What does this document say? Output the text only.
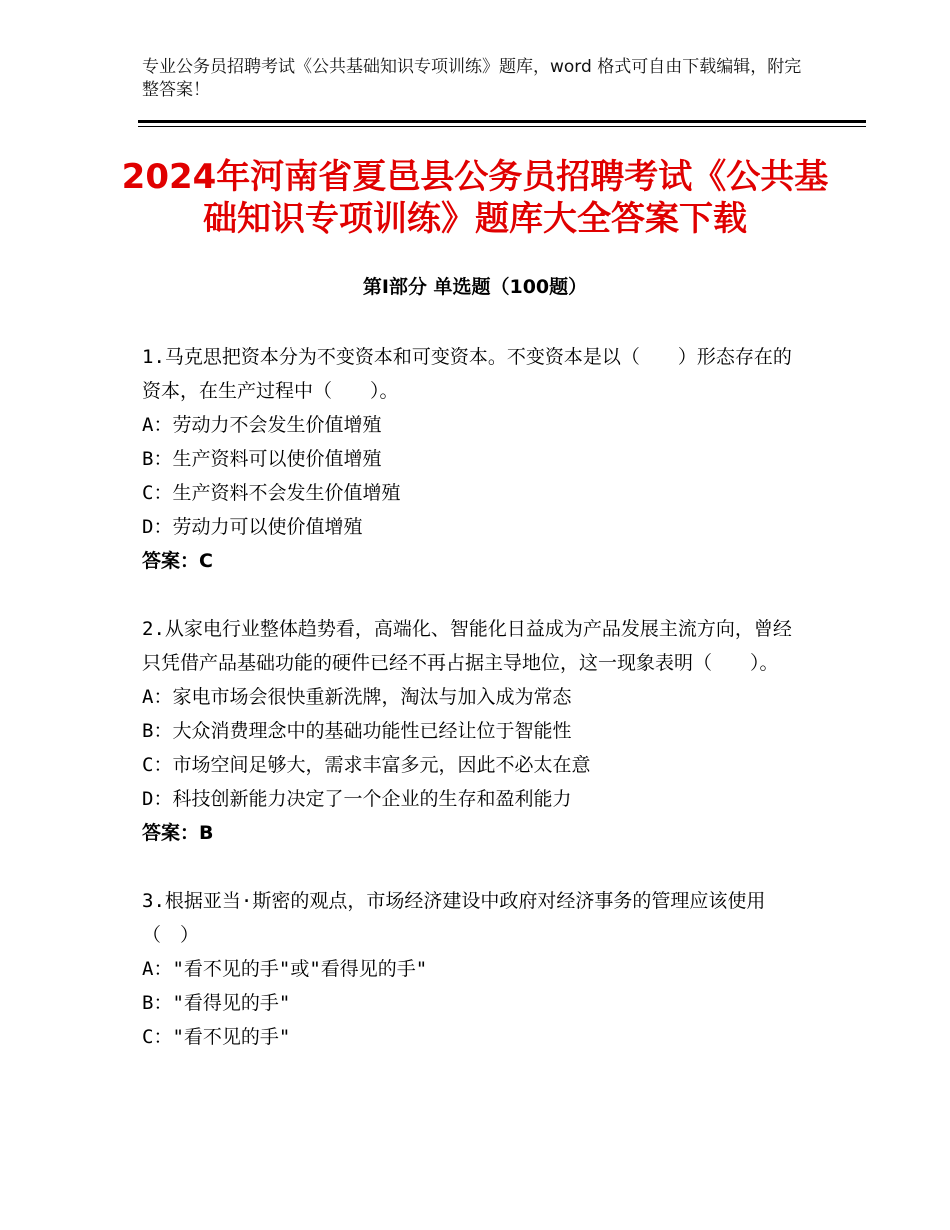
专业公务员招聘考试《公共基础知识专项训练》题库，word 格式可自由下载编辑，附完整答案！
2024年河南省夏邑县公务员招聘考试《公共基础知识专项训练》题库大全答案下载
第Ⅰ部分 单选题（100题）

1.马克思把资本分为不变资本和可变资本。不变资本是以（　　）形态存在的资本，在生产过程中（　　）。

A：劳动力不会发生价值增殖
B：生产资料可以使价值增殖
C：生产资料不会发生价值增殖
D：劳动力可以使价值增殖
答案：C

2.从家电行业整体趋势看，高端化、智能化日益成为产品发展主流方向，曾经只凭借产品基础功能的硬件已经不再占据主导地位，这一现象表明（　　）。

A：家电市场会很快重新洗牌，淘汰与加入成为常态
B：大众消费理念中的基础功能性已经让位于智能性
C：市场空间足够大，需求丰富多元，因此不必太在意
D：科技创新能力决定了一个企业的生存和盈利能力
答案：B

3.根据亚当·斯密的观点，市场经济建设中政府对经济事务的管理应该使用（　）

A："看不见的手"或"看得见的手"
B："看得见的手"
C："看不见的手"
